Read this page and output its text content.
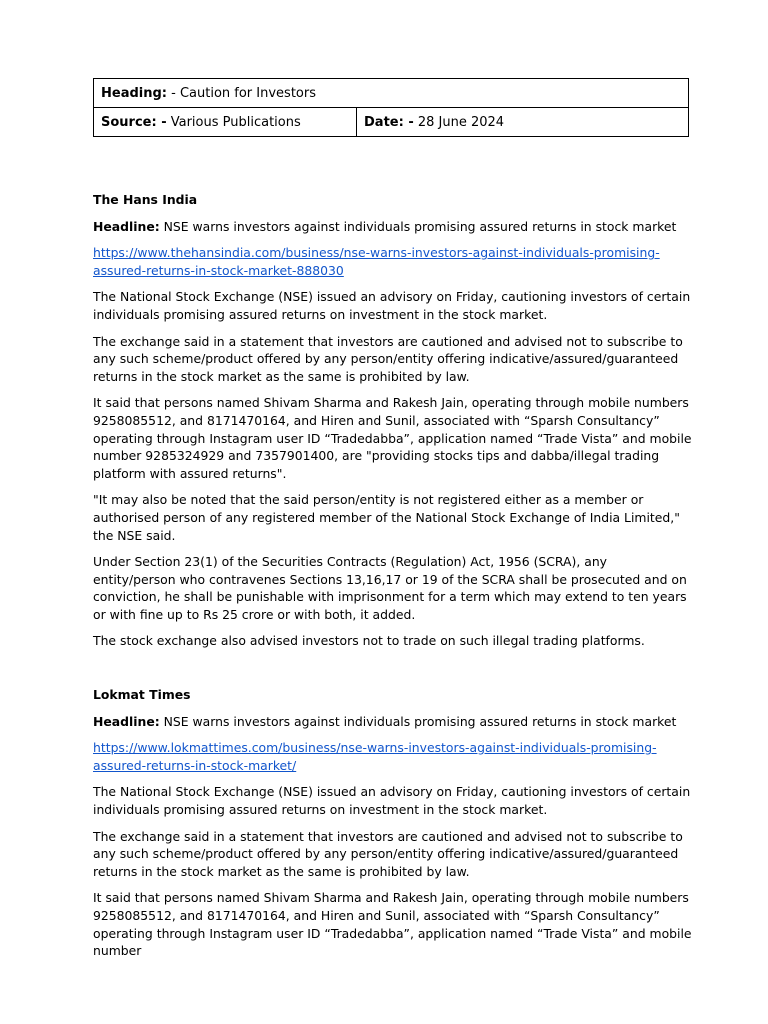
Heading: - Caution for Investors
Source: - Various Publications	Date: - 28 June 2024

The Hans India

Headline: NSE warns investors against individuals promising assured returns in stock market

https://www.thehansindia.com/business/nse-warns-investors-against-individuals-promising-
assured-returns-in-stock-market-888030

The National Stock Exchange (NSE) issued an advisory on Friday, cautioning investors of certain individuals promising assured returns on investment in the stock market.

The exchange said in a statement that investors are cautioned and advised not to subscribe to any such scheme/product offered by any person/entity offering indicative/assured/guaranteed returns in the stock market as the same is prohibited by law.

It said that persons named Shivam Sharma and Rakesh Jain, operating through mobile numbers 9258085512, and 8171470164, and Hiren and Sunil, associated with “Sparsh Consultancy” operating through Instagram user ID “Tradedabba”, application named “Trade Vista” and mobile number 9285324929 and 7357901400, are "providing stocks tips and dabba/illegal trading platform with assured returns".

"It may also be noted that the said person/entity is not registered either as a member or authorised person of any registered member of the National Stock Exchange of India Limited," the NSE said.

Under Section 23(1) of the Securities Contracts (Regulation) Act, 1956 (SCRA), any entity/person who contravenes Sections 13,16,17 or 19 of the SCRA shall be prosecuted and on conviction, he shall be punishable with imprisonment for a term which may extend to ten years or with fine up to Rs 25 crore or with both, it added.

The stock exchange also advised investors not to trade on such illegal trading platforms.

Lokmat Times

Headline: NSE warns investors against individuals promising assured returns in stock market

https://www.lokmattimes.com/business/nse-warns-investors-against-individuals-promising-
assured-returns-in-stock-market/

The National Stock Exchange (NSE) issued an advisory on Friday, cautioning investors of certain individuals promising assured returns on investment in the stock market.

The exchange said in a statement that investors are cautioned and advised not to subscribe to any such scheme/product offered by any person/entity offering indicative/assured/guaranteed returns in the stock market as the same is prohibited by law.

It said that persons named Shivam Sharma and Rakesh Jain, operating through mobile numbers 9258085512, and 8171470164, and Hiren and Sunil, associated with “Sparsh Consultancy” operating through Instagram user ID “Tradedabba”, application named “Trade Vista” and mobile number
